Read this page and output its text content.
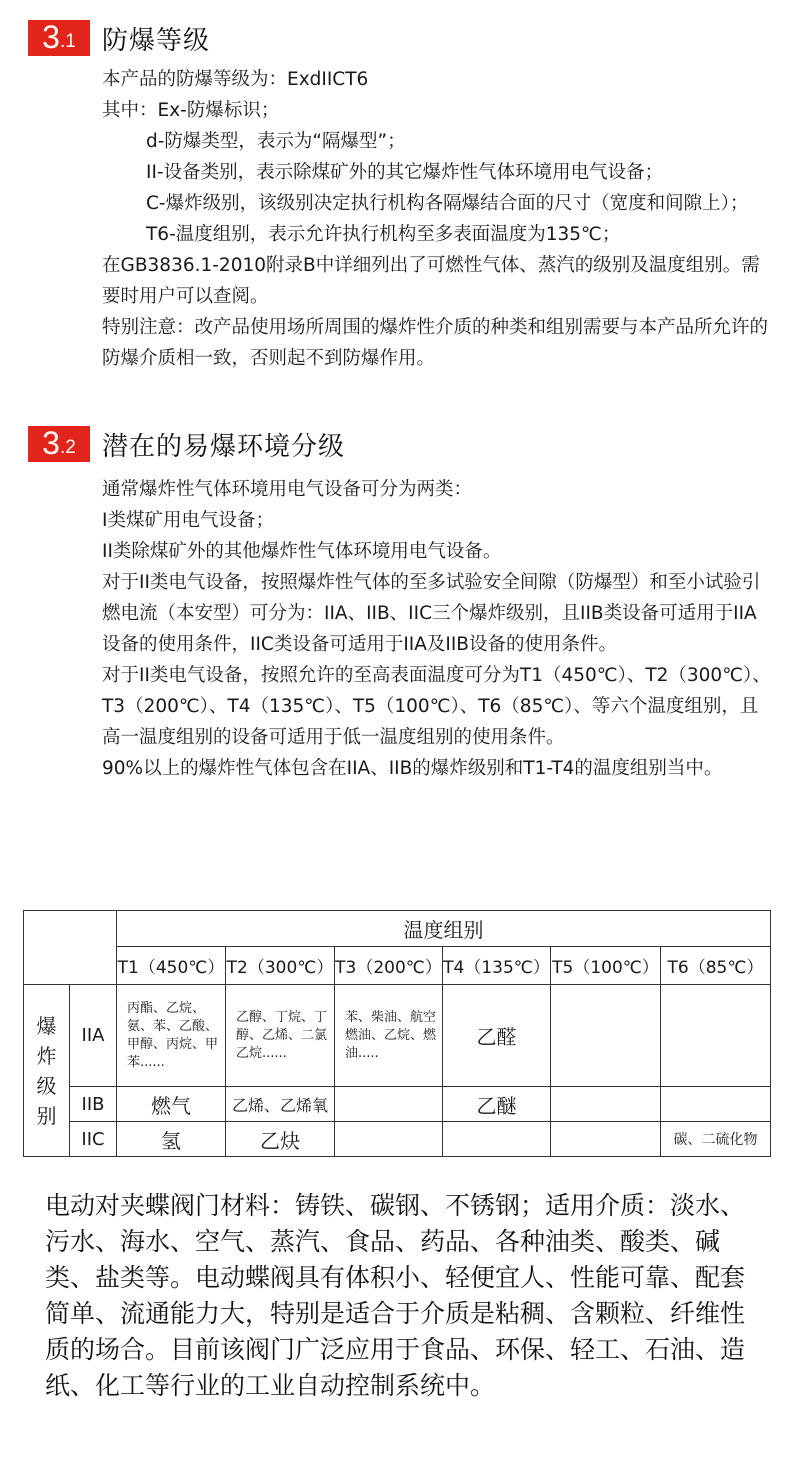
3 .1 防爆等级

本产品的防爆等级为：ExdIICT6

其中：Ex-防爆标识；

d-防爆类型，表示为“隔爆型”；

II-设备类别，表示除煤矿外的其它爆炸性气体环境用电气设备；

C-爆炸级别，该级别决定执行机构各隔爆结合面的尺寸（宽度和间隙上）；

T6-温度组别，表示允许执行机构至多表面温度为135℃；

在GB3836.1-2010附录B中详细列出了可燃性气体、蒸汽的级别及温度组别。需要时用户可以查阅。

特别注意：改产品使用场所周围的爆炸性介质的种类和组别需要与本产品所允许的防爆介质相一致，否则起不到防爆作用。

3 .2 潜在的易爆环境分级

通常爆炸性气体环境用电气设备可分为两类：

I类煤矿用电气设备；

II类除煤矿外的其他爆炸性气体环境用电气设备。

对于II类电气设备，按照爆炸性气体的至多试验安全间隙（防爆型）和至小试验引燃电流（本安型）可分为：IIA、IIB、IIC三个爆炸级别，且IIB类设备可适用于IIA设备的使用条件，IIC类设备可适用于IIA及IIB设备的使用条件。

对于II类电气设备，按照允许的至高表面温度可分为T1（450℃）、T2（300℃）、T3（200℃）、T4（135℃）、T5（100℃）、T6（85℃）、等六个温度组别，且高一温度组别的设备可适用于低一温度组别的使用条件。

90%以上的爆炸性气体包含在IIA、IIB的爆炸级别和T1-T4的温度组别当中。

		温度组别					
		T1（450℃）	T2（300℃）	T3（200℃）	T4（135℃）	T5（100℃）	T6（85℃）

爆
炸
级
别	IIA	丙酯、乙烷、氨、苯、乙酸、甲醇、丙烷、甲苯......	乙醇、丁烷、丁醇、乙烯、二氯乙烷......	苯、柴油、航空燃油、乙烷、燃油.....	乙醛		
	IIB	燃气	乙烯、乙烯氧		乙醚		
	IIC	氢	乙炔				碳、二硫化物

电动对夹蝶阀门材料：铸铁、碳钢、不锈钢；适用介质：淡水、污水、海水、空气、蒸汽、食品、药品、各种油类、酸类、碱类、盐类等。电动蝶阀具有体积小、轻便宜人、性能可靠、配套简单、流通能力大，特别是适合于介质是粘稠、含颗粒、纤维性质的场合。目前该阀门广泛应用于食品、环保、轻工、石油、造纸、化工等行业的工业自动控制系统中。
